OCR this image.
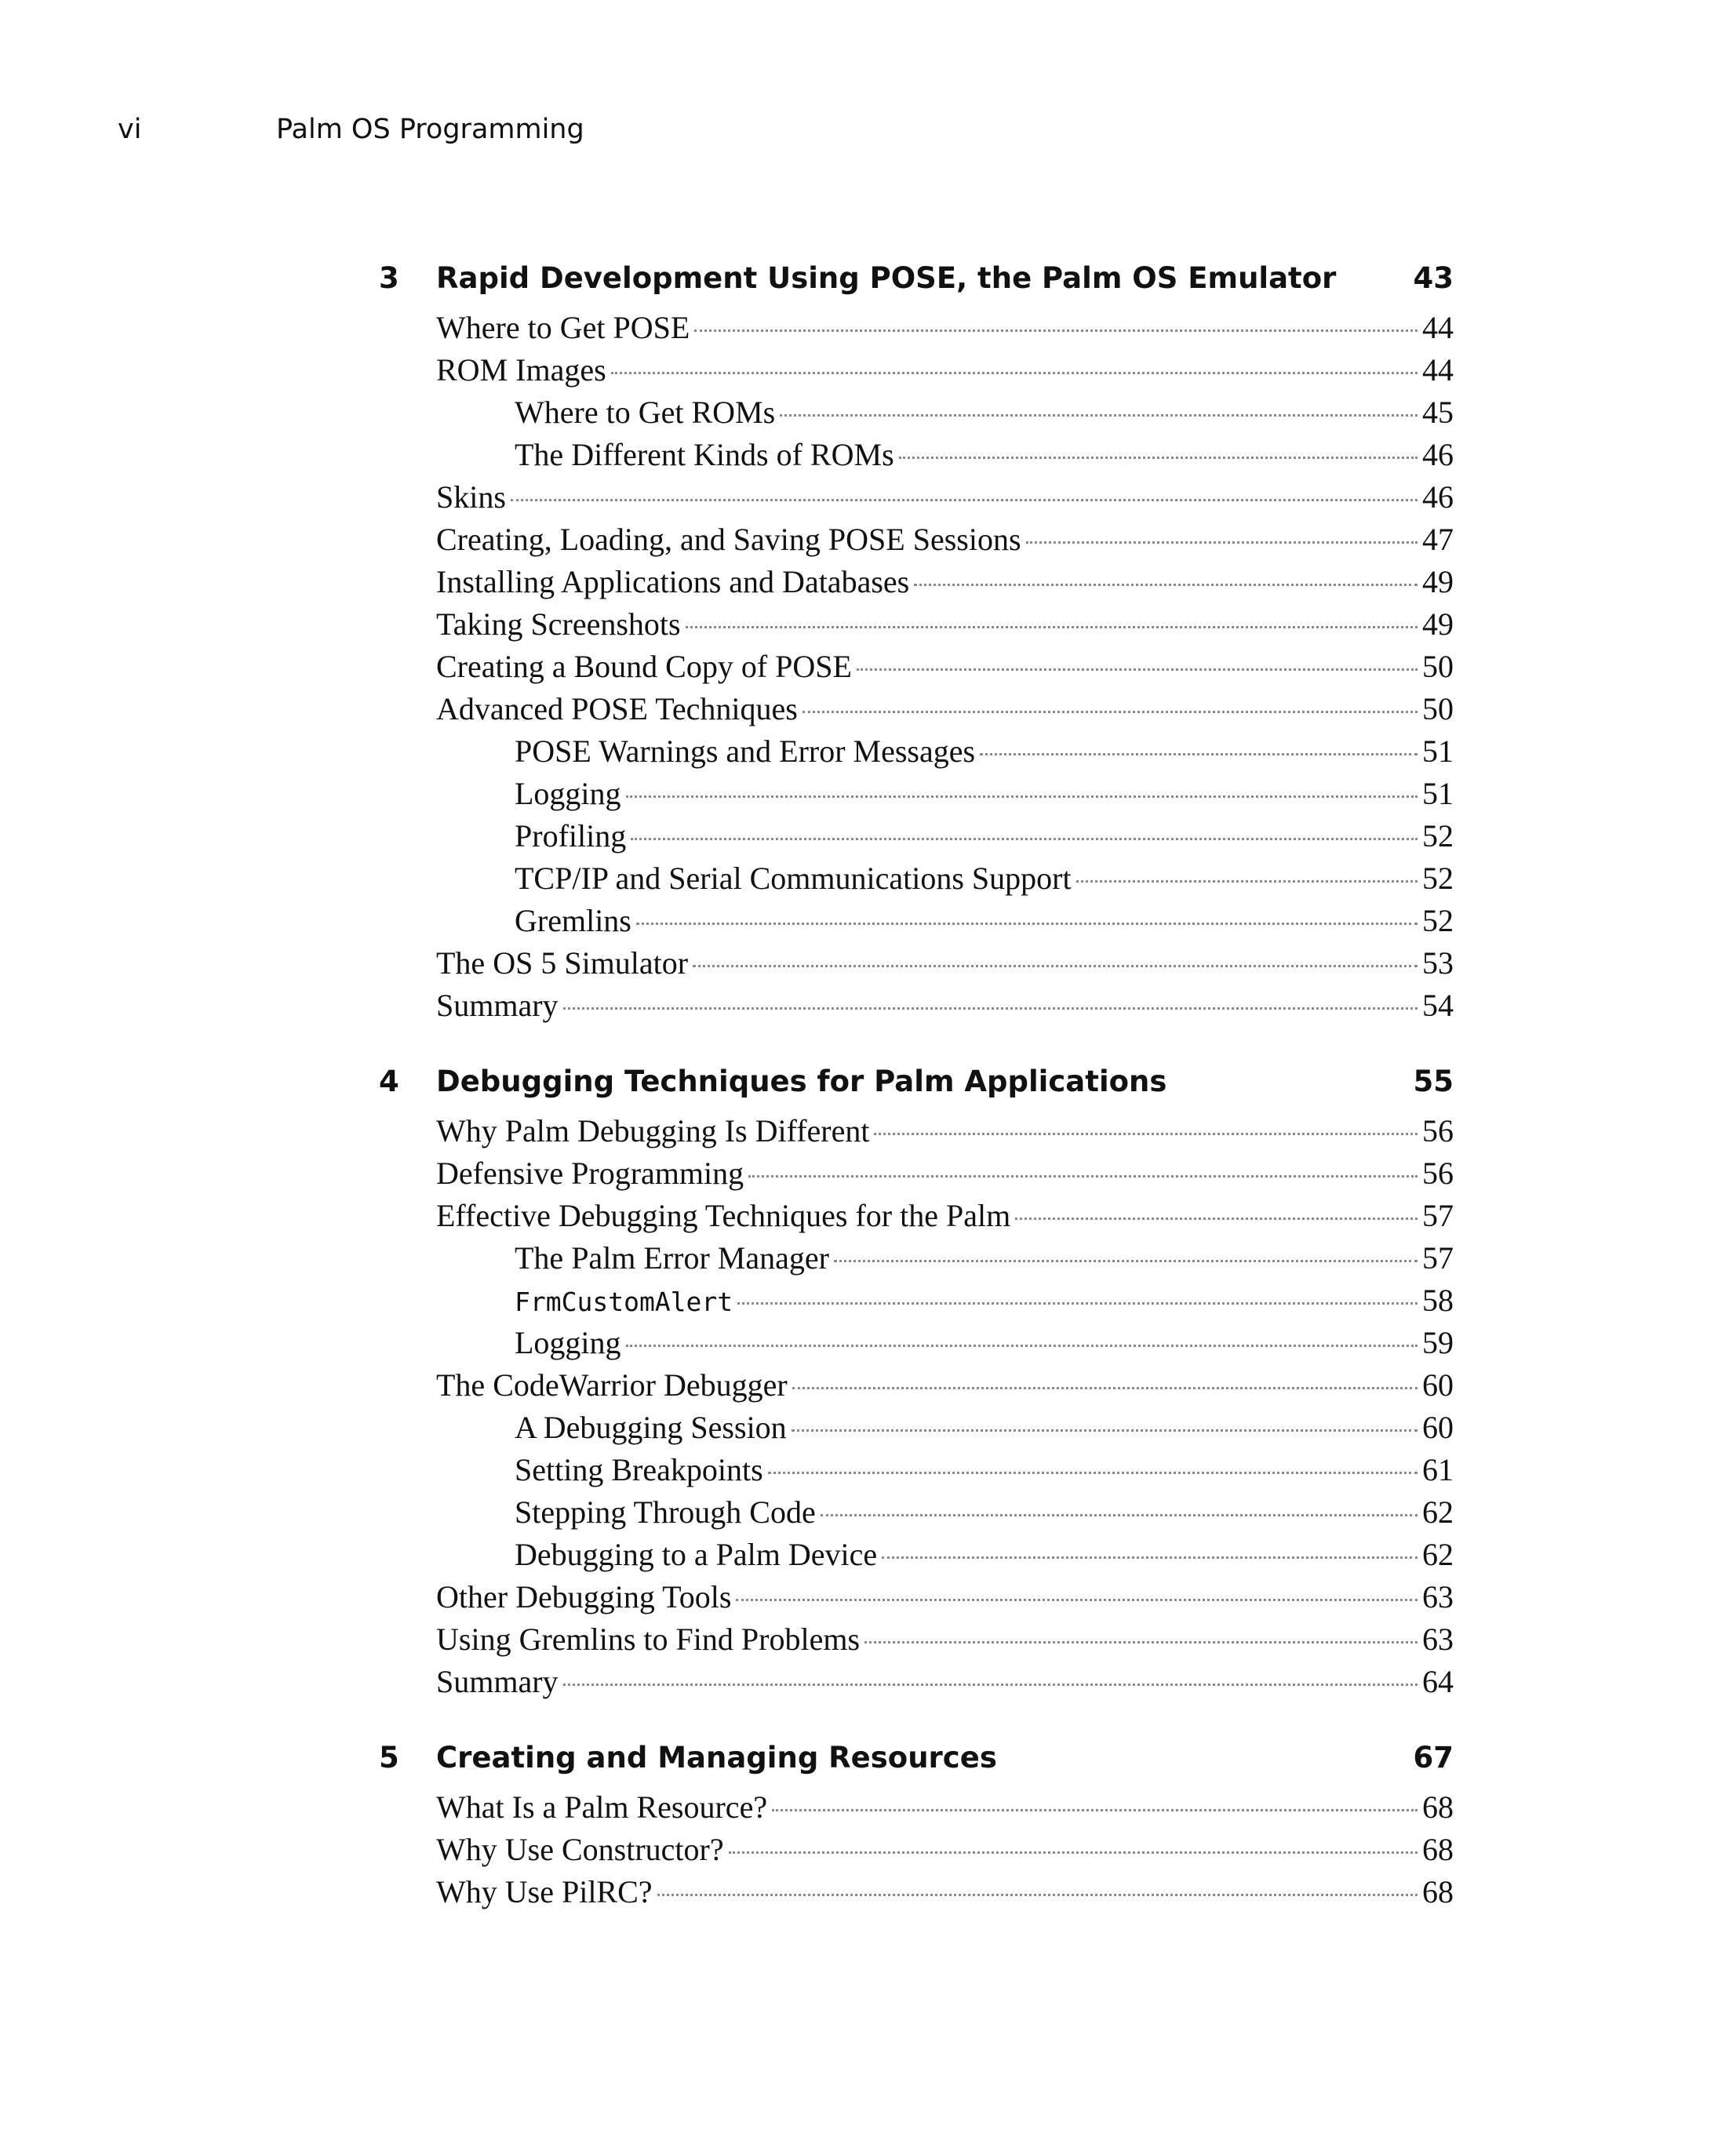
vi	Palm OS Programming
3 Rapid Development Using POSE, the Palm OS Emulator	43
Where to Get POSE	44
ROM Images	44
Where to Get ROMs	45
The Different Kinds of ROMs	46
Skins	46
Creating, Loading, and Saving POSE Sessions	47
Installing Applications and Databases	49
Taking Screenshots	49
Creating a Bound Copy of POSE	50
Advanced POSE Techniques	50
POSE Warnings and Error Messages	51
Logging	51
Profiling	52
TCP/IP and Serial Communications Support	52
Gremlins	52
The OS 5 Simulator	53
Summary	54
4 Debugging Techniques for Palm Applications	55
Why Palm Debugging Is Different	56
Defensive Programming	56
Effective Debugging Techniques for the Palm	57
The Palm Error Manager	57
FrmCustomAlert	58
Logging	59
The CodeWarrior Debugger	60
A Debugging Session	60
Setting Breakpoints	61
Stepping Through Code	62
Debugging to a Palm Device	62
Other Debugging Tools	63
Using Gremlins to Find Problems	63
Summary	64
5 Creating and Managing Resources	67
What Is a Palm Resource?	68
Why Use Constructor?	68
Why Use PilRC?	68
